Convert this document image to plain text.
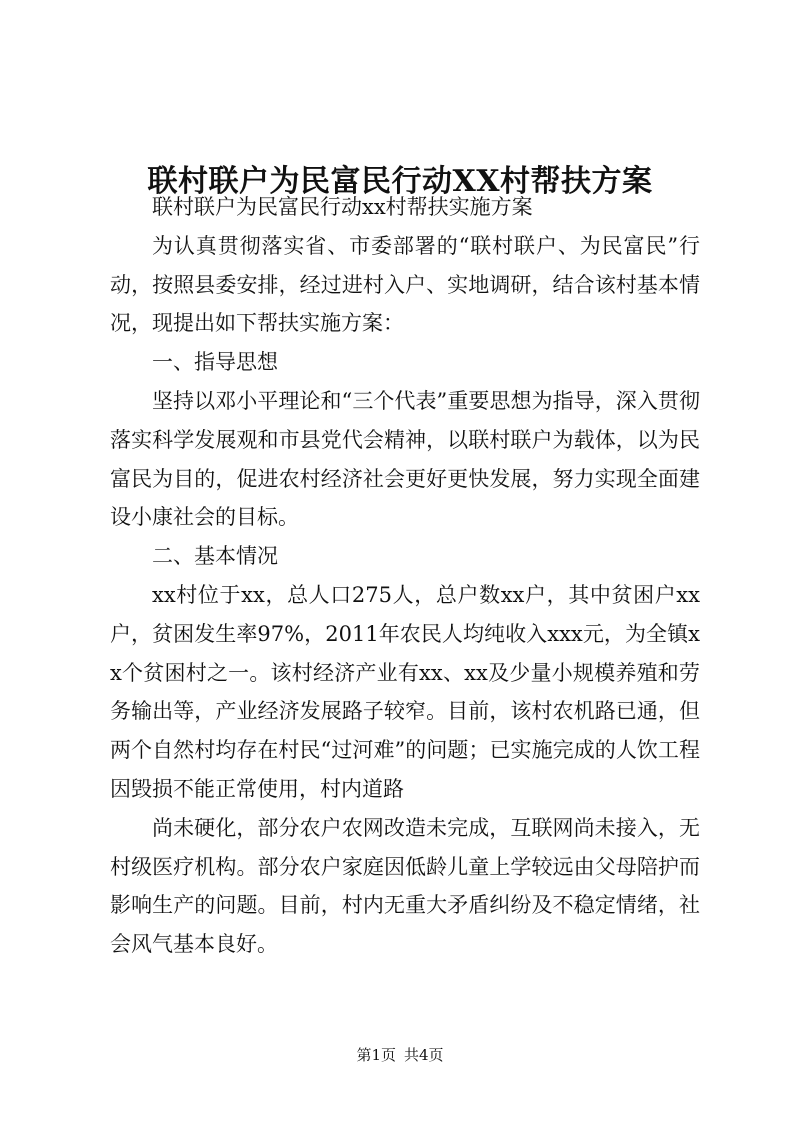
联村联户为民富民行动XX村帮扶方案

联村联户为民富民行动xx村帮扶实施方案

为认真贯彻落实省、市委部署的“联村联户、为民富民”行动，按照县委安排，经过进村入户、实地调研，结合该村基本情况，现提出如下帮扶实施方案：

一、指导思想

坚持以邓小平理论和“三个代表”重要思想为指导，深入贯彻落实科学发展观和市县党代会精神，以联村联户为载体，以为民富民为目的，促进农村经济社会更好更快发展，努力实现全面建设小康社会的目标。

二、基本情况

xx村位于xx，总人口275人，总户数xx户，其中贫困户xx户，贫困发生率97%，2011年农民人均纯收入xxx元，为全镇xx个贫困村之一。该村经济产业有xx、xx及少量小规模养殖和劳务输出等，产业经济发展路子较窄。目前，该村农机路已通，但两个自然村均存在村民“过河难”的问题；已实施完成的人饮工程因毁损不能正常使用，村内道路

尚未硬化，部分农户农网改造未完成，互联网尚未接入，无村级医疗机构。部分农户家庭因低龄儿童上学较远由父母陪护而影响生产的问题。目前，村内无重大矛盾纠纷及不稳定情绪，社会风气基本良好。

第1页 共4页
